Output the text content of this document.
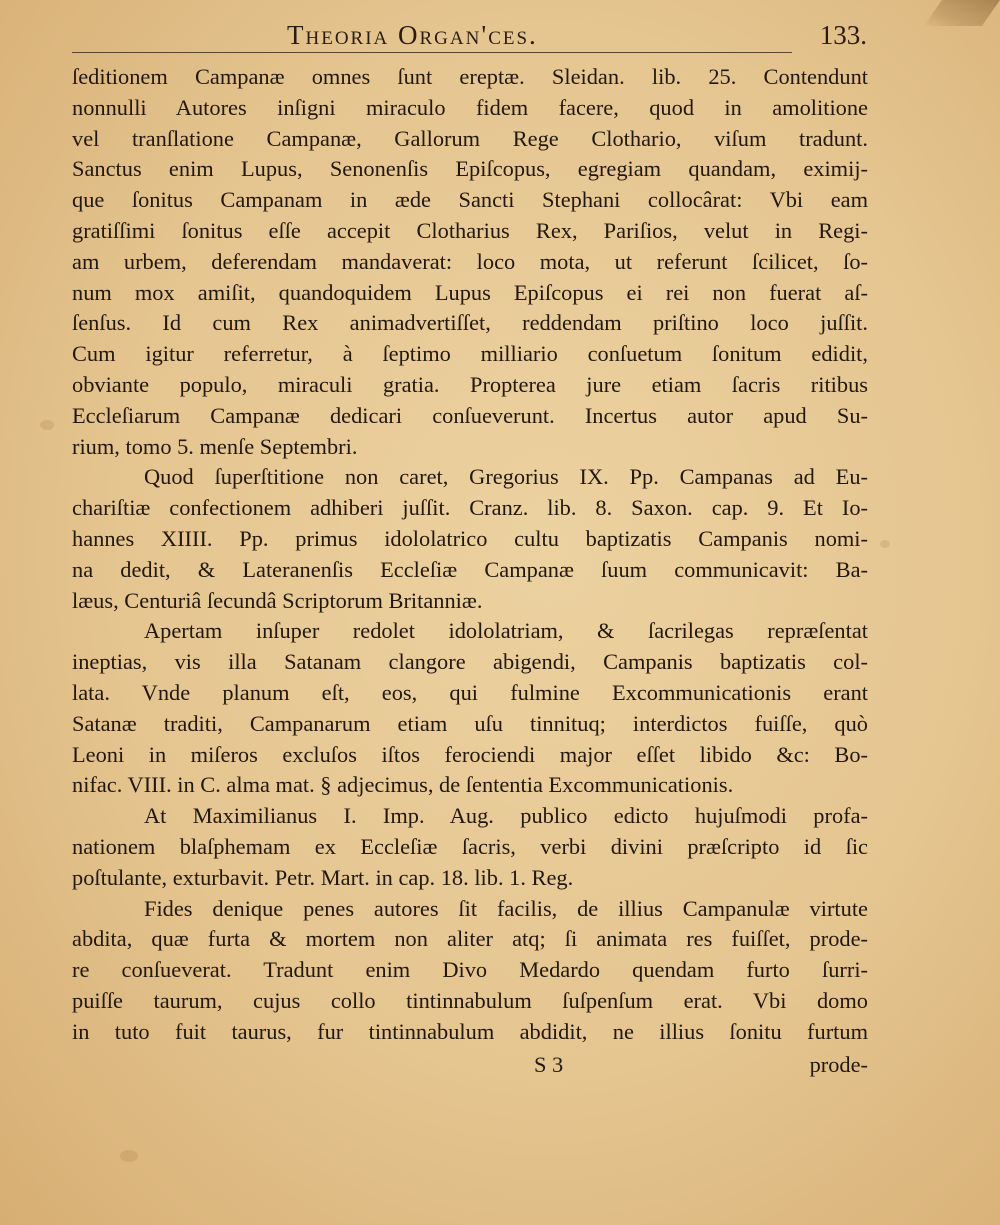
Theoria Organ'ces.	133.
ſeditionem Campanæ omnes ſunt ereptæ. Sleidan. lib. 25. Contendunt
nonnulli Autores inſigni miraculo fidem facere, quod in amolitione
vel tranſlatione Campanæ, Gallorum Rege Clothario, viſum tradunt.
Sanctus enim Lupus, Senonenſis Epiſcopus, egregiam quandam, eximij-
que ſonitus Campanam in æde Sancti Stephani collocârat: Vbi eam
gratiſſimi ſonitus eſſe accepit Clotharius Rex, Pariſios, velut in Regi-
am urbem, deferendam mandaverat: loco mota, ut referunt ſcilicet, ſo-
num mox amiſit, quandoquidem Lupus Epiſcopus ei rei non fuerat aſ-
ſenſus. Id cum Rex animadvertiſſet, reddendam priſtino loco juſſit.
Cum igitur referretur, à ſeptimo milliario conſuetum ſonitum edidit,
obviante populo, miraculi gratia. Propterea jure etiam ſacris ritibus
Eccleſiarum Campanæ dedicari conſueverunt. Incertus autor apud Su-
rium, tomo 5. menſe Septembri.
Quod ſuperſtitione non caret, Gregorius IX. Pp. Campanas ad Eu-
chariſtiæ confectionem adhiberi juſſit. Cranz. lib. 8. Saxon. cap. 9. Et Io-
hannes XIIII. Pp. primus idololatrico cultu baptizatis Campanis nomi-
na dedit, & Lateranenſis Eccleſiæ Campanæ ſuum communicavit: Ba-
læus, Centuriâ ſecundâ Scriptorum Britanniæ.
Apertam inſuper redolet idololatriam, & ſacrilegas repræſentat
ineptias, vis illa Satanam clangore abigendi, Campanis baptizatis col-
lata. Vnde planum eſt, eos, qui fulmine Excommunicationis erant
Satanæ traditi, Campanarum etiam uſu tinnituq; interdictos fuiſſe, quò
Leoni in miſeros excluſos iſtos ferociendi major eſſet libido &c: Bo-
nifac. VIII. in C. alma mat. § adjecimus, de ſententia Excommunicationis.
At Maximilianus I. Imp. Aug. publico edicto hujuſmodi profa-
nationem blaſphemam ex Eccleſiæ ſacris, verbi divini præſcripto id ſic
poſtulante, exturbavit. Petr. Mart. in cap. 18. lib. 1. Reg.
Fides denique penes autores ſit facilis, de illius Campanulæ virtute
abdita, quæ furta & mortem non aliter atq; ſi animata res fuiſſet, prode-
re conſueverat. Tradunt enim Divo Medardo quendam furto ſurri-
puiſſe taurum, cujus collo tintinnabulum ſuſpenſum erat. Vbi domo
in tuto fuit taurus, fur tintinnabulum abdidit, ne illius ſonitu furtum
S 3	prode-
